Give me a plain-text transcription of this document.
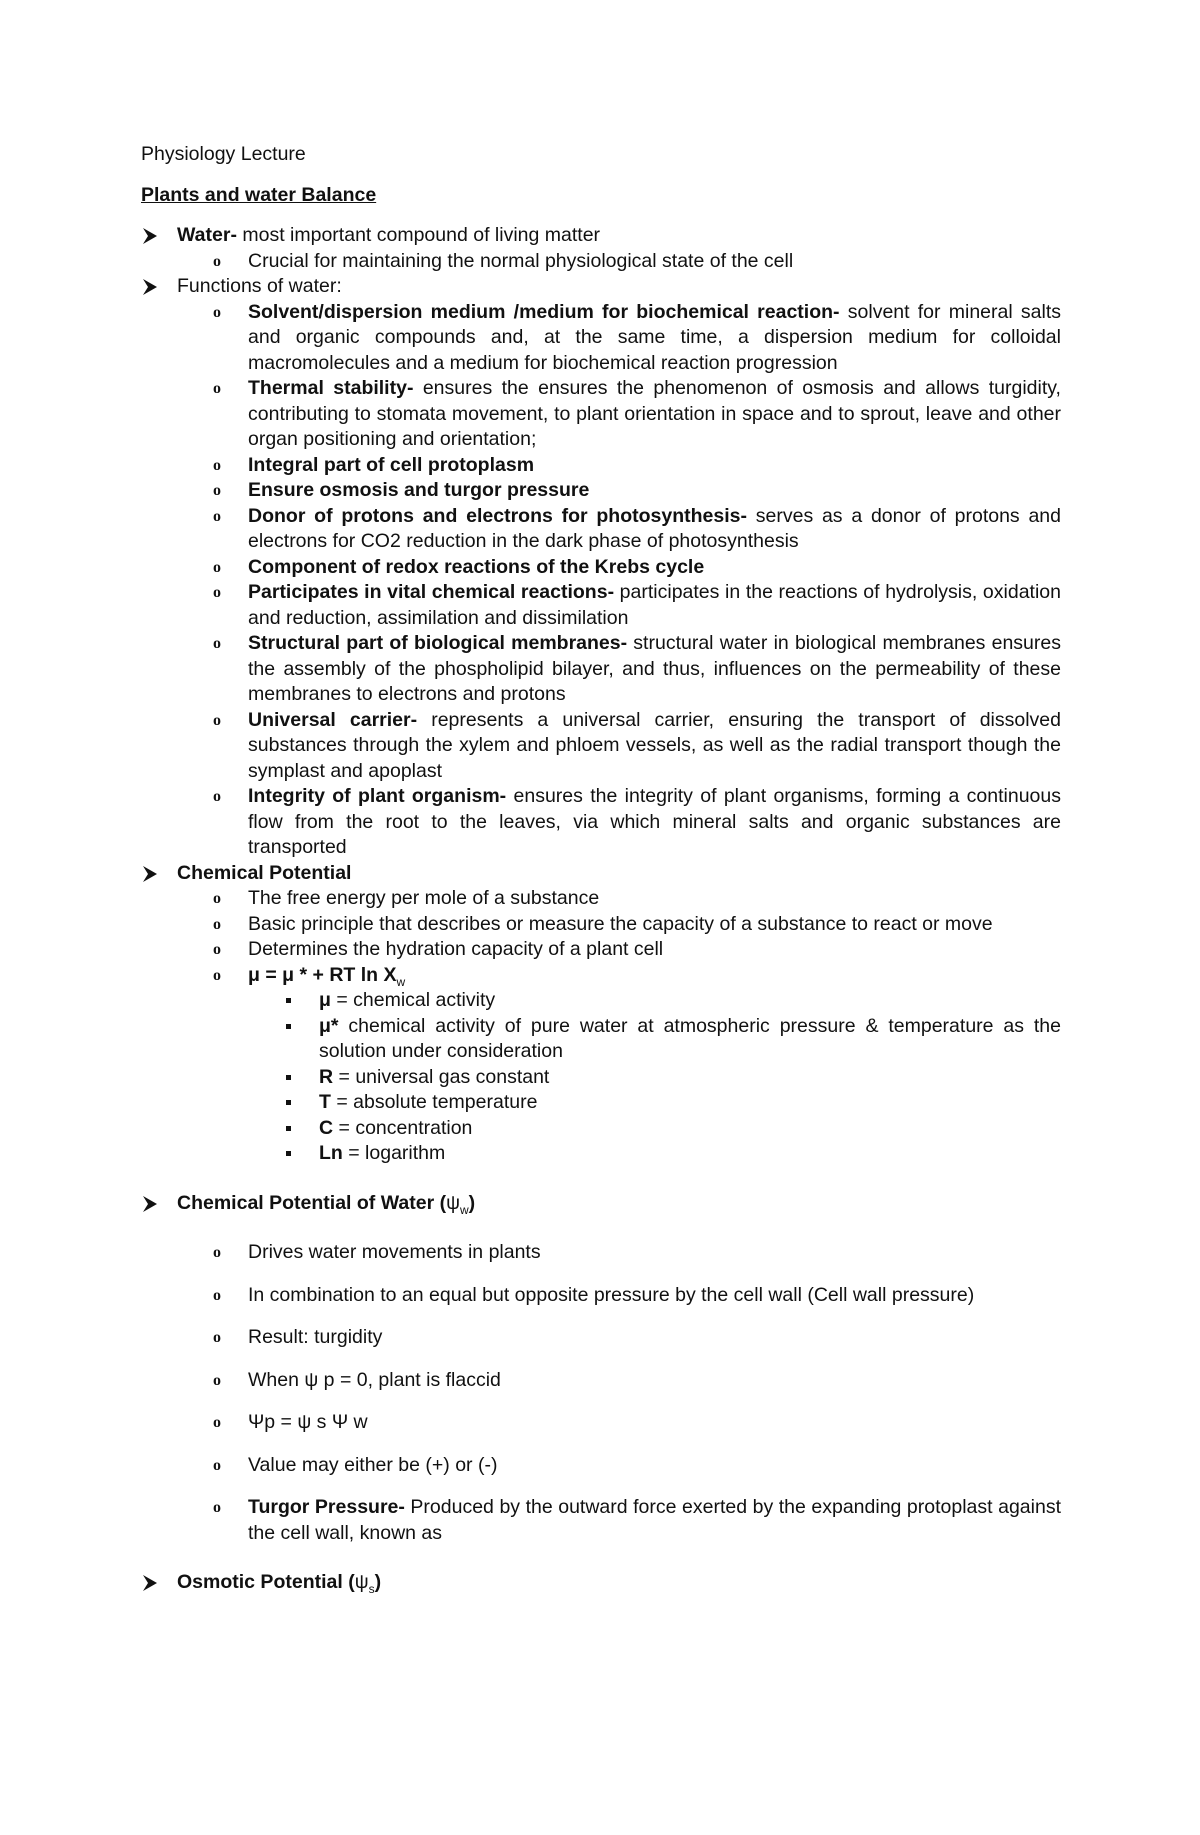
Physiology Lecture
Plants and water Balance
Water- most important compound of living matter
o Crucial for maintaining the normal physiological state of the cell
Functions of water:
o Solvent/dispersion medium /medium for biochemical reaction- solvent for mineral salts and organic compounds and, at the same time, a dispersion medium for colloidal macromolecules and a medium for biochemical reaction progression
o Thermal stability- ensures the ensures the phenomenon of osmosis and allows turgidity, contributing to stomata movement, to plant orientation in space and to sprout, leave and other organ positioning and orientation;
o Integral part of cell protoplasm
o Ensure osmosis and turgor pressure
o Donor of protons and electrons for photosynthesis- serves as a donor of protons and electrons for CO2 reduction in the dark phase of photosynthesis
o Component of redox reactions of the Krebs cycle
o Participates in vital chemical reactions- participates in the reactions of hydrolysis, oxidation and reduction, assimilation and dissimilation
o Structural part of biological membranes- structural water in biological membranes ensures the assembly of the phospholipid bilayer, and thus, influences on the permeability of these membranes to electrons and protons
o Universal carrier- represents a universal carrier, ensuring the transport of dissolved substances through the xylem and phloem vessels, as well as the radial transport though the symplast and apoplast
o Integrity of plant organism- ensures the integrity of plant organisms, forming a continuous flow from the root to the leaves, via which mineral salts and organic substances are transported
Chemical Potential
o The free energy per mole of a substance
o Basic principle that describes or measure the capacity of a substance to react or move
o Determines the hydration capacity of a plant cell
o μ = μ * + RT $\ln X_w$
μ = chemical activity
μ* chemical activity of pure water at atmospheric pressure & temperature as the solution under consideration
R = universal gas constant
T = absolute temperature
C = concentration
Ln = logarithm
Chemical Potential of Water $(\psi_w)$
o Drives water movements in plants
o In combination to an equal but opposite pressure by the cell wall (Cell wall pressure)
o Result: turgidity
o When ψ p = 0, plant is flaccid
o Ψp = ψ s Ψ w
o Value may either be (+) or (-)
o Turgor Pressure- Produced by the outward force exerted by the expanding protoplast against the cell wall, known as
Osmotic Potential $(\psi_s)$
